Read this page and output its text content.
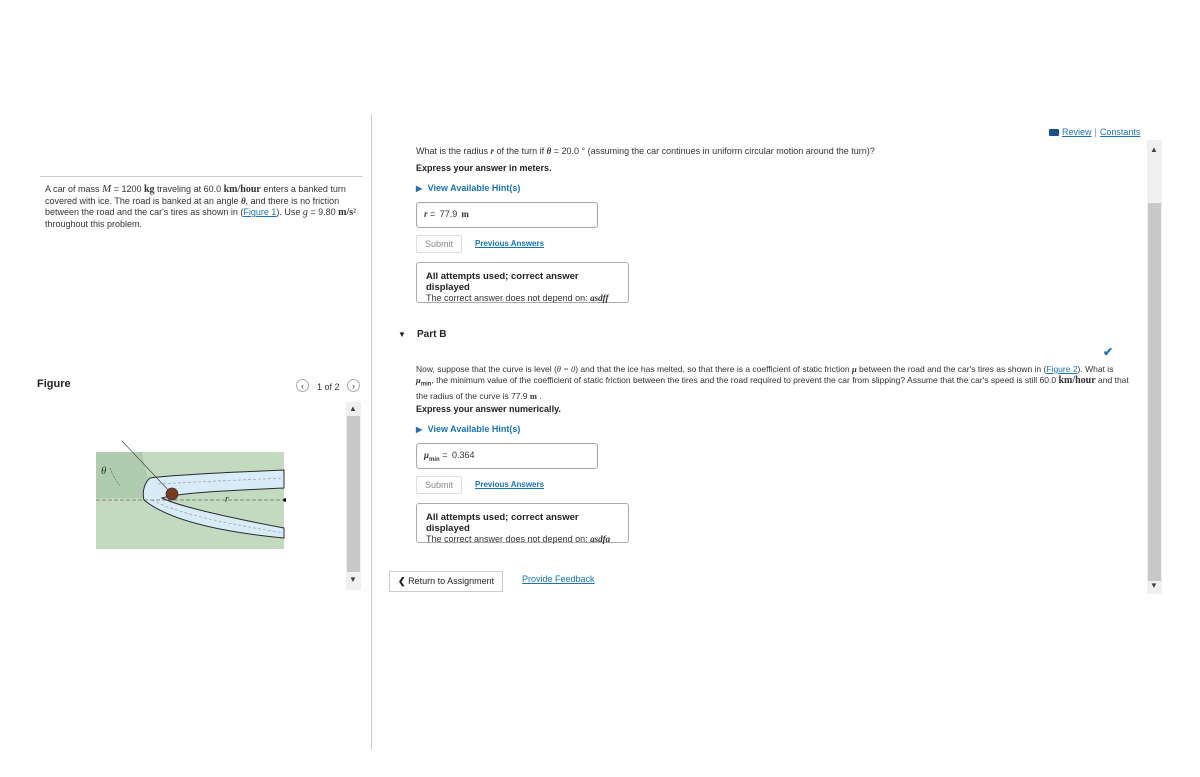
Review | Constants
A car of mass M = 1200 kg traveling at 60.0 km/hour enters a banked turn covered with ice. The road is banked at an angle θ, and there is no friction between the road and the car's tires as shown in (Figure 1). Use g = 9.80 m/s² throughout this problem.
Figure	‹ 1 of 2 ›
▲
▼
θ
r
▲
▼
What is the radius r of the turn if θ = 20.0 ° (assuming the car continues in uniform circular motion around the turn)?
Express your answer in meters.
▶ View Available Hint(s)
r = 77.9 m
Submit	Previous Answers
All attempts used; correct answer displayed
The correct answer does not depend on: asdff
▼ Part B
✔
Now, suppose that the curve is level (θ = 0) and that the ice has melted, so that there is a coefficient of static friction μ between the road and the car's tires as shown in (Figure 2). What is $\mu_{min}$, the minimum value of the coefficient of static friction between the tires and the road required to prevent the car from slipping? Assume that the car's speed is still 60.0 km/hour and that the radius of the curve is 77.9 m .
Express your answer numerically.
▶ View Available Hint(s)
$\mu_{min} = 0.364$
Submit	Previous Answers
All attempts used; correct answer displayed
The correct answer does not depend on: asdfa
❮ Return to Assignment	Provide Feedback
